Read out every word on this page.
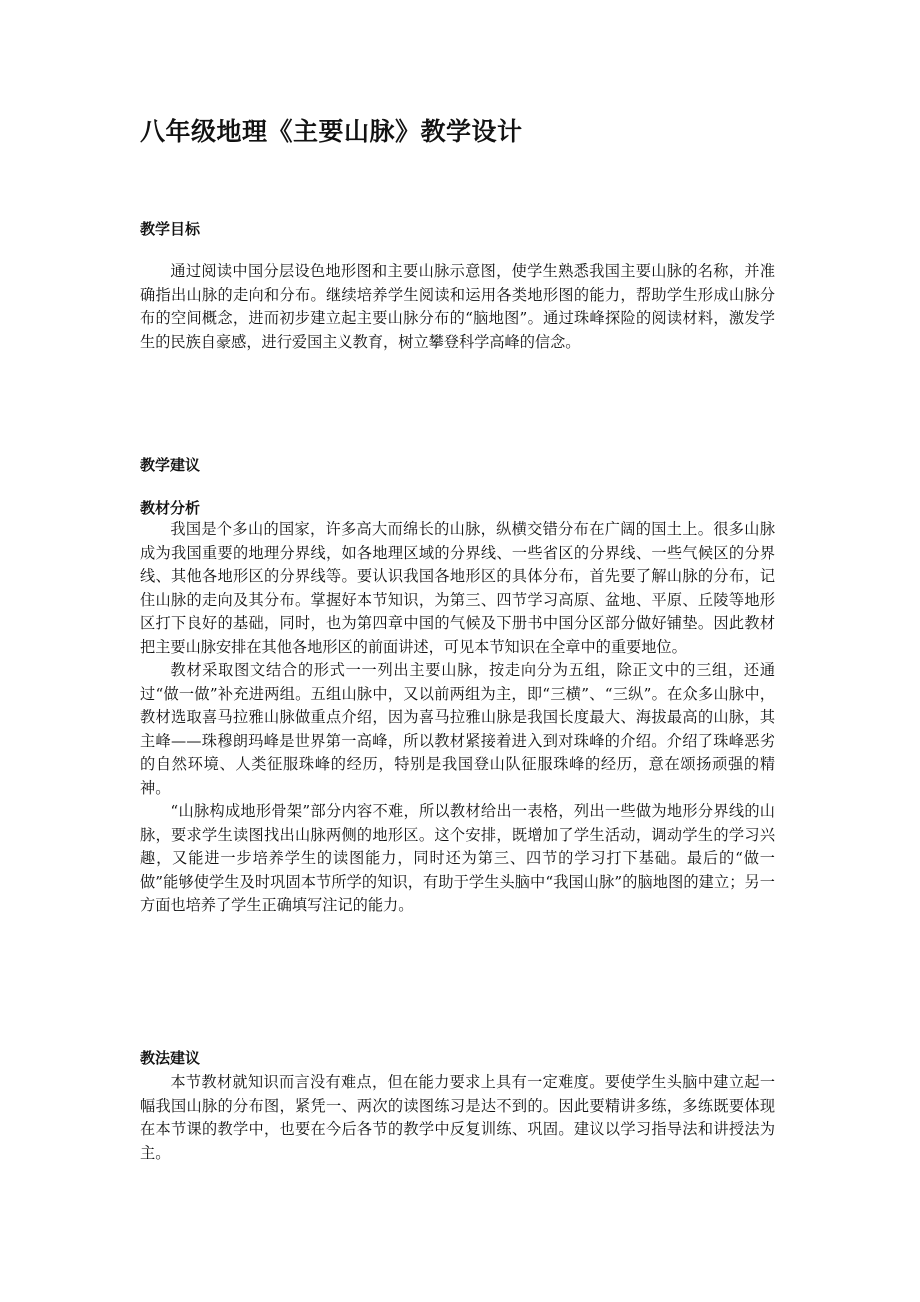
八年级地理《主要山脉》教学设计
教学目标

通过阅读中国分层设色地形图和主要山脉示意图，使学生熟悉我国主要山脉的名称，并准确指出山脉的走向和分布。继续培养学生阅读和运用各类地形图的能力，帮助学生形成山脉分布的空间概念，进而初步建立起主要山脉分布的“脑地图”。通过珠峰探险的阅读材料，激发学生的民族自豪感，进行爱国主义教育，树立攀登科学高峰的信念。

教学建议
教材分析

我国是个多山的国家，许多高大而绵长的山脉，纵横交错分布在广阔的国土上。很多山脉成为我国重要的地理分界线，如各地理区域的分界线、一些省区的分界线、一些气候区的分界线、其他各地形区的分界线等。要认识我国各地形区的具体分布，首先要了解山脉的分布，记住山脉的走向及其分布。掌握好本节知识，为第三、四节学习高原、盆地、平原、丘陵等地形区打下良好的基础，同时，也为第四章中国的气候及下册书中国分区部分做好铺垫。因此教材把主要山脉安排在其他各地形区的前面讲述，可见本节知识在全章中的重要地位。

教材采取图文结合的形式一一列出主要山脉，按走向分为五组，除正文中的三组，还通过“做一做”补充进两组。五组山脉中，又以前两组为主，即“三横”、“三纵”。在众多山脉中，教材选取喜马拉雅山脉做重点介绍，因为喜马拉雅山脉是我国长度最大、海拔最高的山脉，其主峰——珠穆朗玛峰是世界第一高峰，所以教材紧接着进入到对珠峰的介绍。介绍了珠峰恶劣的自然环境、人类征服珠峰的经历，特别是我国登山队征服珠峰的经历，意在颂扬顽强的精神。

“山脉构成地形骨架”部分内容不难，所以教材给出一表格，列出一些做为地形分界线的山脉，要求学生读图找出山脉两侧的地形区。这个安排，既增加了学生活动，调动学生的学习兴趣，又能进一步培养学生的读图能力，同时还为第三、四节的学习打下基础。最后的“做一做”能够使学生及时巩固本节所学的知识，有助于学生头脑中“我国山脉”的脑地图的建立；另一方面也培养了学生正确填写注记的能力。

教法建议

本节教材就知识而言没有难点，但在能力要求上具有一定难度。要使学生头脑中建立起一幅我国山脉的分布图，紧凭一、两次的读图练习是达不到的。因此要精讲多练，多练既要体现在本节课的教学中，也要在今后各节的教学中反复训练、巩固。建议以学习指导法和讲授法为主。
